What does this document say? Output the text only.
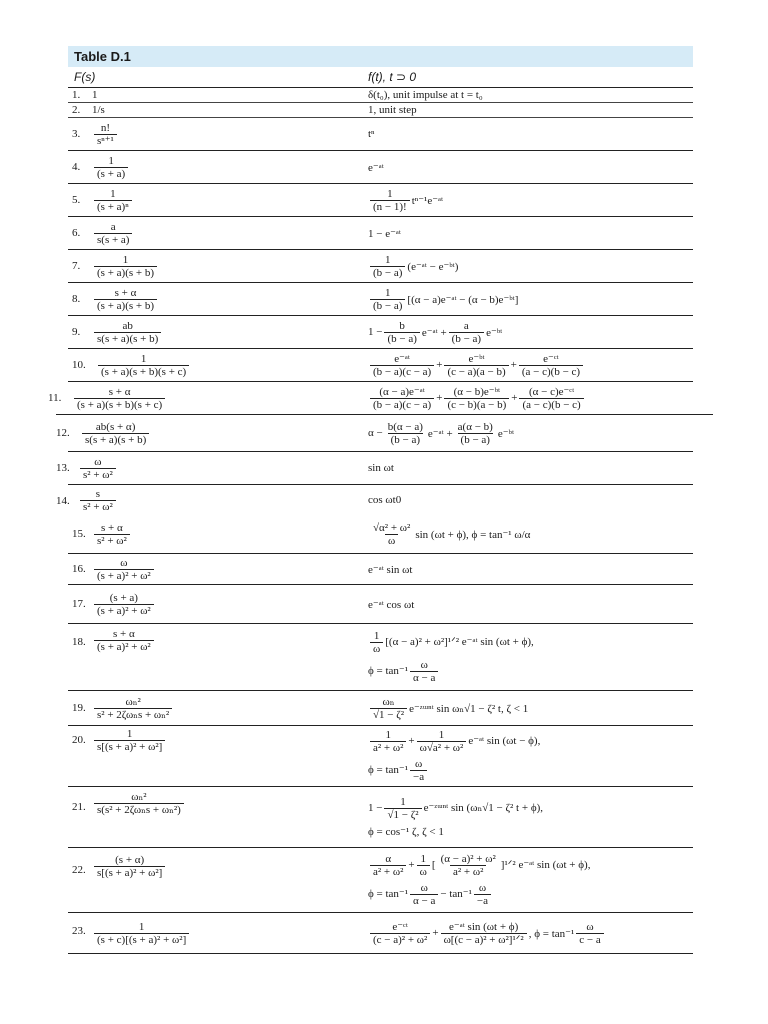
Table D.1
F(s)	f(t), t ⊃ 0
1. 1	δ(t₀), unit impulse at t = t₀
2. 1/s	1, unit step
3. $\frac{n!}{\text{sⁿ⁺¹}}$	tⁿ
4. $\frac{1}{(s + a)}$	e⁻ᵃᵗ
5. $\frac{1}{\text{(s + a)ⁿ}}$	$\frac{1}{(n - 1)!}$ tⁿ⁻¹e⁻ᵃᵗ
6. $\frac{a}{s(s + a)}$	1 − e⁻ᵃᵗ
7. $\frac{1}{(s + a)(s + b)}$	$\frac{1}{(b - a)}$ (e⁻ᵃᵗ − e⁻ᵇᵗ)
8. $\frac{s + \alpha}{(s + a)(s + b)}$	$\frac{1}{(b - a)} [(\alpha$ − a)e⁻ᵃᵗ − (α − b)e⁻ᵇᵗ]
9. $\frac{ab}{s(s + a)(s + b)}$	$1 - \frac{b}{(b - a)}$ e⁻ᵃᵗ + $\frac{a}{(b - a)}$ e⁻ᵇᵗ
10. $\frac{1}{(s + a)(s + b)(s + c)}$	$\frac{\text{e⁻ᵃᵗ}}{(b - a)(c - a)} + \frac{\text{e⁻ᵇᵗ}}{(c - a)(a - b)} + \frac{\text{e⁻ᶜᵗ}}{(a - c)(b - c)}$
11. $\frac{s + \alpha}{(s + a)(s + b)(s + c)}$	$\frac{\text{(α − a)e⁻ᵃᵗ}}{(b - a)(c - a)} + \frac{\text{(α − b)e⁻ᵇᵗ}}{(c - b)(a - b)} + \frac{\text{(α − c)e⁻ᶜᵗ}}{(a - c)(b - c)}$
12. $\frac{ab(s + \alpha)}{s(s + a)(s + b)}$	$\alpha - \frac{b(\alpha - a)}{(b - a)}$ e⁻ᵃᵗ + $\frac{a(\alpha - b)}{(b - a)}$ e⁻ᵇᵗ
13. $\frac{\omega}{\text{s² + ω²}}$	sin ωt
14. $\frac{s}{\text{s² + ω²}}$	cos ωt0
15. $\frac{s + \alpha}{\text{s² + ω²}}$	$\frac{\text{√α² + ω²}}{\omega}$ sin (ωt + ϕ), ϕ = tan⁻¹ ω/α
16. $\frac{\omega}{\text{(s + a)² + ω²}}$	e⁻ᵃᵗ sin ωt
17. $\frac{(s + a)}{\text{(s + a)² + ω²}}$	e⁻ᵃᵗ cos ωt
18. $\frac{s + \alpha}{\text{(s + a)² + ω²}}$	$\frac{1}{\omega} [(\alpha - a)^2$ + ω²]¹ᐟ² e⁻ᵃᵗ sin (ωt + ϕ),
$\phi = \tan^{-1} \frac{\omega}{\alpha - a}$
19. $\frac{\text{ωₙ²}}{\text{s² + 2ζωₙs + ωₙ²}}$	$\frac{\text{ωₙ}}{\text{√1 − ζ²}}$ e⁻ᶻᵚⁿᵗ sin ωₙ√1 − ζ² t, ζ < 1
20. $\frac{1}{\text{s[(s + a)² + ω²]}}$	$\frac{1}{\text{a² + ω²}} + \frac{1}{\text{ω√a² + ω²}}$ e⁻ᵃᵗ sin (ωt − ϕ),
$\phi = \tan^{-1} \frac{\omega}{-a}$
21. $\frac{\text{ωₙ²}}{\text{s(s² + 2ζωₙs + ωₙ²)}}$	$1 - \frac{1}{\text{√1 − ζ²}}$ e⁻ᶻᵚⁿᵗ sin (ωₙ√1 − ζ² t + ϕ),
ϕ = cos⁻¹ ζ, ζ < 1
22. $\frac{(s + \alpha)}{\text{s[(s + a)² + ω²]}}$	$\frac{\alpha}{\text{a² + ω²}} + \frac{1}{\omega}$ [ $\frac{\text{(α − a)² + ω²}}{\text{a² + ω²}}$ ]¹ᐟ² e⁻ᵃᵗ sin (ωt + ϕ),
$\phi = \tan^{-1} \frac{\omega}{\alpha - a} - \tan^{-1} \frac{\omega}{-a}$
23. $\frac{1}{\text{(s + c)[(s + a)² + ω²]}}$	$\frac{\text{e⁻ᶜᵗ}}{\text{(c − a)² + ω²}} + \frac{\text{e⁻ᵃᵗ sin (ωt + ϕ)}}{\text{ω[(c − a)² + ω²]¹ᐟ²}}$ , $\phi = \tan^{-1} \frac{\omega}{c - a}$
